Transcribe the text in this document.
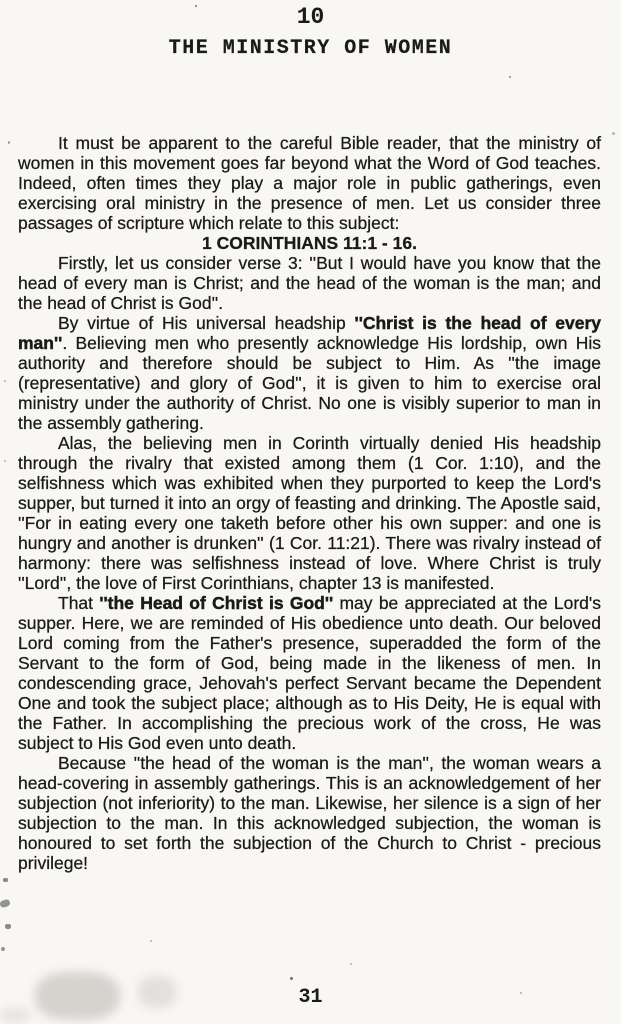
10
THE MINISTRY OF WOMEN

It must be apparent to the careful Bible reader, that the ministry of women in this movement goes far beyond what the Word of God teaches. Indeed, often times they play a major role in public gatherings, even exercising oral ministry in the presence of men. Let us consider three passages of scripture which relate to this subject:

1 CORINTHIANS 11:1 - 16.

Firstly, let us consider verse 3: ''But I would have you know that the head of every man is Christ; and the head of the woman is the man; and the head of Christ is God''.

By virtue of His universal headship ''Christ is the head of every man''. Believing men who presently acknowledge His lordship, own His authority and therefore should be subject to Him. As ''the image (representative) and glory of God'', it is given to him to exercise oral ministry under the authority of Christ. No one is visibly superior to man in the assembly gathering.

Alas, the believing men in Corinth virtually denied His headship through the rivalry that existed among them (1 Cor. 1:10), and the selfishness which was exhibited when they purported to keep the Lord's supper, but turned it into an orgy of feasting and drinking. The Apostle said, ''For in eating every one taketh before other his own supper: and one is hungry and another is drunken'' (1 Cor. 11:21). There was rivalry instead of harmony: there was selfishness instead of love. Where Christ is truly ''Lord'', the love of First Corinthians, chapter 13 is manifested.

That ''the Head of Christ is God'' may be appreciated at the Lord's supper. Here, we are reminded of His obedience unto death. Our beloved Lord coming from the Father's presence, superadded the form of the Servant to the form of God, being made in the likeness of men. In condescending grace, Jehovah's perfect Servant became the Dependent One and took the subject place; although as to His Deity, He is equal with the Father. In accomplishing the precious work of the cross, He was subject to His God even unto death.

Because ''the head of the woman is the man'', the woman wears a head-covering in assembly gatherings. This is an acknowledgement of her subjection (not inferiority) to the man. Likewise, her silence is a sign of her subjection to the man. In this acknowledged subjection, the woman is honoured to set forth the subjection of the Church to Christ - precious privilege!

31
